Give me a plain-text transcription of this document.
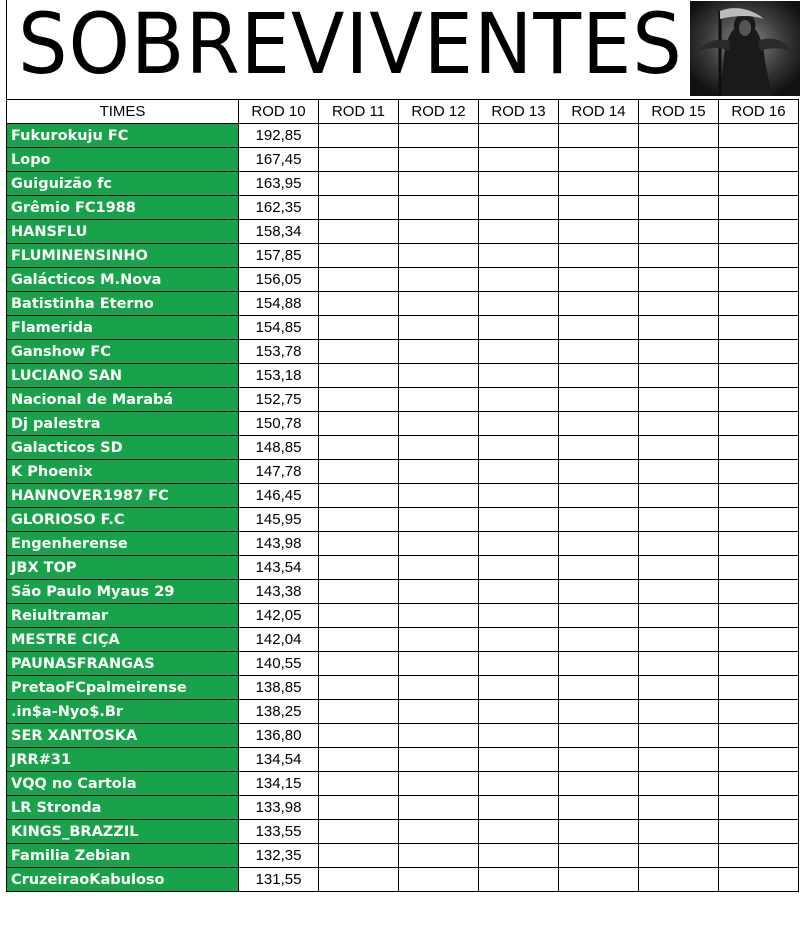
SOBREVIVENTES
TIMES	ROD 10	ROD 11	ROD 12	ROD 13	ROD 14	ROD 15	ROD 16
Fukurokuju FC	192,85						
Lopo	167,45						
Guiguizão fc	163,95						
Grêmio FC1988	162,35						
HANSFLU	158,34						
FLUMINENSINHO	157,85						
Galácticos M.Nova	156,05						
Batistinha Eterno	154,88						
Flamerida	154,85						
Ganshow FC	153,78						
LUCIANO SAN	153,18						
Nacional de Marabá	152,75						
Dj palestra	150,78						
Galacticos SD	148,85						
K Phoenix	147,78						
HANNOVER1987 FC	146,45						
GLORIOSO F.C	145,95						
Engenherense	143,98						
JBX TOP	143,54						
São Paulo Myaus 29	143,38						
Reiultramar	142,05						
MESTRE CIÇA	142,04						
PAUNASFRANGAS	140,55						
PretaoFCpalmeirense	138,85						
.in$a-Nyo$.Br	138,25						
SER XANTOSKA	136,80						
JRR#31	134,54						
VQQ no Cartola	134,15						
LR Stronda	133,98						
KINGS_BRAZZIL	133,55						
Familia Zebian	132,35						
CruzeiraoKabuloso	131,55						
